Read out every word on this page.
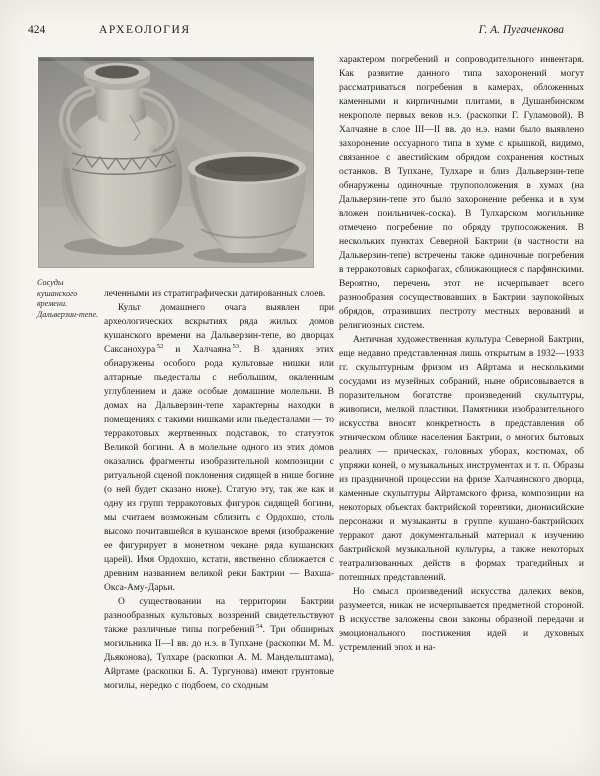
424	АРХЕОЛОГИЯ	Г. А. Пугаченкова
Сосуды кушанского времени. Дальверзин-тепе.

леченными из стратиграфически датированных слоев.

Культ домашнего очага выявлен при археологических вскрытиях ряда жилых домов кушанского времени на Дальверзин-тепе, во дворцах Саксанохура $^{52}$ и Халчаяна $^{53}$. В зданиях этих обнаружены особого рода культовые нишки или алтарные пьедесталы с небольшим, окаленным углублением и даже особые домашние молельни. В домах на Дальверзин-тепе характерны находки в помещениях с такими нишками или пьедесталами — то терракотовых жертвенных подставок, то статуэток Великой богини. А в молельне одного из этих домов оказались фрагменты изобразительной композиции с ритуальной сценой поклонения сидящей в нише богине (о ней будет сказано ниже). Статую эту, так же как и одну из групп терракотовых фигурок сидящей богини, мы считаем возможным сблизить с Ордохшо, столь высоко почитавшейся в кушанское время (изображение ее фигурирует в монетном чекане ряда кушанских царей). Имя Ордохшо, кстати, явственно сближается с древним названием великой реки Бактрии — Вахша-Окса-Аму-Дарьи.

О существовании на территории Бактрии разнообразных культовых воззрений свидетельствуют также различные типы погребений $^{54}$. Три обширных могильника II—I вв. до н.э. в Тупхане (раскопки М. М. Дьяконова), Тулхаре (раскопки А. М. Мандельштама), Айртаме (раскопки Б. А. Тургунова) имеют грунтовые могилы, нередко с подбоем, со сходным

характером погребений и сопроводительного инвентаря. Как развитие данного типа захоронений могут рассматриваться погребения в камерах, обложенных каменными и кирпичными плитами, в Душанбинском некрополе первых веков н.э. (раскопки Г. Гуламовой). В Халчаяне в слое III—II вв. до н.э. нами было выявлено захоронение оссуарного типа в хуме с крышкой, видимо, связанное с авестийским обрядом сохранения костных останков. В Тупхане, Тулхаре и близ Дальверзин-тепе обнаружены одиночные трупоположения в хумах (на Дальверзин-тепе это было захоронение ребенка и в хум вложен поильничек-соска). В Тулхарском могильнике отмечено погребение по обряду трупосожжения. В нескольких пунктах Северной Бактрии (в частности на Дальверзин-тепе) встречены также одиночные погребения в терракотовых саркофагах, сближающиеся с парфянскими. Вероятно, перечень этот не исчерпывает всего разнообразия сосуществовавших в Бактрии заупокойных обрядов, отразивших пестроту местных верований и религиозных систем.

Античная художественная культура Северной Бактрии, еще недавно представленная лишь открытым в 1932—1933 гг. скульптурным фризом из Айртама и несколькими сосудами из музейных собраний, ныне обрисовывается в поразительном богатстве произведений скульптуры, живописи, мелкой пластики. Памятники изобразительного искусства вносят конкретность в представления об этническом облике населения Бактрии, о многих бытовых реалиях — прическах, головных уборах, костюмах, об упряжи коней, о музыкальных инструментах и т. п. Образы из праздничной процессии на фризе Халчаянского дворца, каменные скульптуры Айртамского фриза, композиции на некоторых объектах бактрийской торевтики, дионисийские персонажи и музыканты в группе кушано-бактрийских терракот дают документальный материал к изучению бактрийской музыкальной культуры, а также некоторых театрализованных действ в формах трагедийных и потешных представлений.

Но смысл произведений искусства далеких веков, разумеется, никак не исчерпывается предметной стороной. В искусстве заложены свои законы образной передачи и эмоционального постижения идей и духовных устремлений эпох и на-
